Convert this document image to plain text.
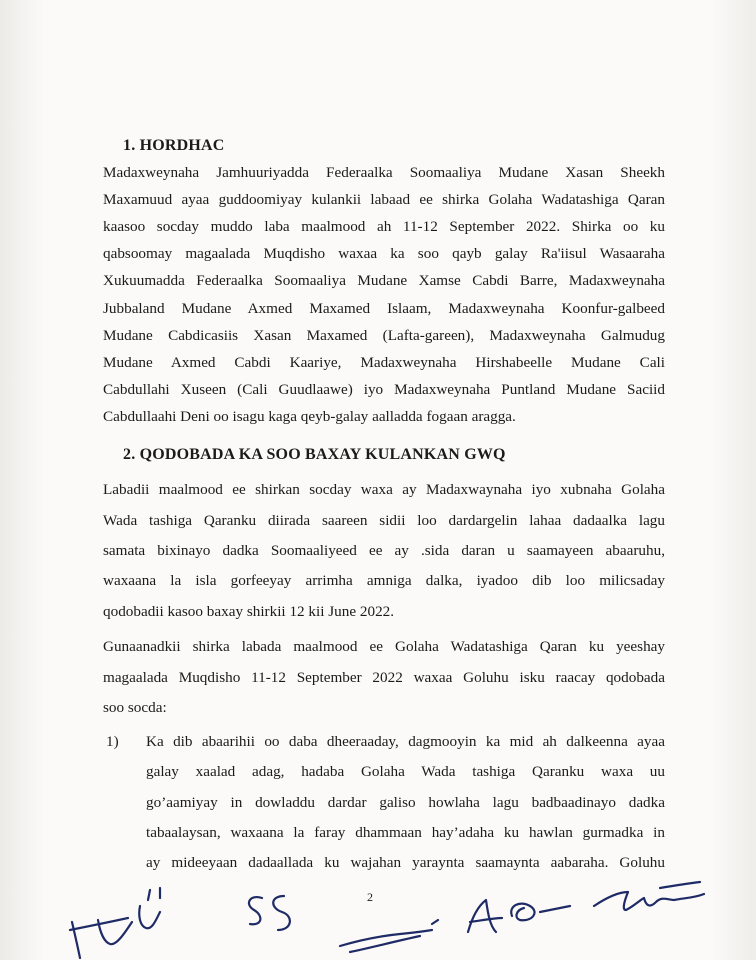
1. HORDHAC
Madaxweynaha Jamhuuriyadda Federaalka Soomaaliya Mudane Xasan Sheekh
Maxamuud ayaa guddoomiyay kulankii labaad ee shirka Golaha Wadatashiga Qaran
kaasoo socday muddo laba maalmood ah 11-12 September 2022. Shirka oo ku
qabsoomay magaalada Muqdisho waxaa ka soo qayb galay Ra'iisul Wasaaraha
Xukuumadda Federaalka Soomaaliya Mudane Xamse Cabdi Barre, Madaxweynaha
Jubbaland Mudane Axmed Maxamed Islaam, Madaxweynaha Koonfur-galbeed
Mudane Cabdicasiis Xasan Maxamed (Lafta-gareen), Madaxweynaha Galmudug
Mudane Axmed Cabdi Kaariye, Madaxweynaha Hirshabeelle Mudane Cali
Cabdullahi Xuseen (Cali Guudlaawe) iyo Madaxweynaha Puntland Mudane Saciid
Cabdullaahi Deni oo isagu kaga qeyb-galay aalladda fogaan aragga.
2. QODOBADA KA SOO BAXAY KULANKAN GWQ
Labadii maalmood ee shirkan socday waxa ay Madaxwaynaha iyo xubnaha Golaha
Wada tashiga Qaranku diirada saareen sidii loo dardargelin lahaa dadaalka lagu
samata bixinayo dadka Soomaaliyeed ee ay .sida daran u saamayeen abaaruhu,
waxaana la isla gorfeeyay arrimha amniga dalka, iyadoo dib loo milicsaday
qodobadii kasoo baxay shirkii 12 kii June 2022.
Gunaanadkii shirka labada maalmood ee Golaha Wadatashiga Qaran ku yeeshay
magaalada Muqdisho 11-12 September 2022 waxaa Goluhu isku raacay qodobada
soo socda:
1) Ka dib abaarihii oo daba dheeraaday, dagmooyin ka mid ah dalkeenna ayaa
galay xaalad adag, hadaba Golaha Wada tashiga Qaranku waxa uu
go’aamiyay in dowladdu dardar galiso howlaha lagu badbaadinayo dadka
tabaalaysan, waxaana la faray dhammaan hay’adaha ku hawlan gurmadka in
ay mideeyaan dadaallada ku wajahan yaraynta saamaynta aabaraha. Goluhu
2
